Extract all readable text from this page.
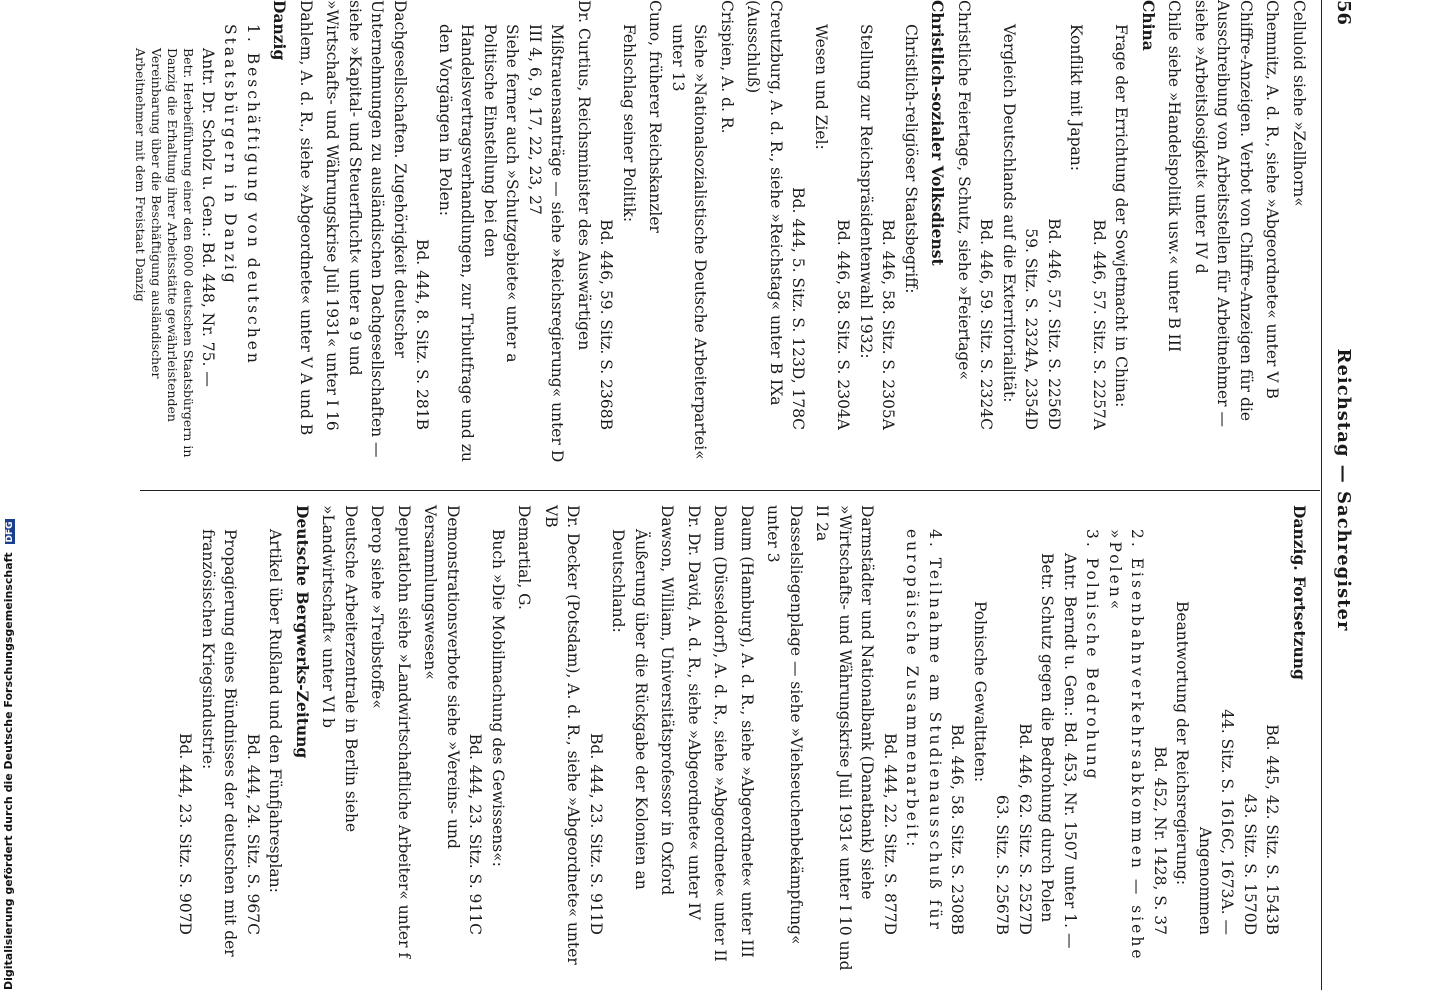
56
Reichstag — Sachregister
Celluloid siehe »Zellhorn«
Chemnitz, A. d. R., siehe »Abgeordnete« unter V B
Chiffre-Anzeigen. Verbot von Chiffre-Anzeigen für die Ausschreibung von Arbeitsstellen für Arbeitnehmer — siehe »Arbeitslosigkeit« unter IV d
Chile siehe »Handelspolitik usw.« unter B III
China
Frage der Errichtung der Sowjetmacht in China:
Bd. 446, 57. Sitz. S. 2257A
Konflikt mit Japan:
Bd. 446, 57. Sitz. S. 2256D
59. Sitz. S. 2324A, 2354D
Vergleich Deutschlands auf die Exterritorialität:
Bd. 446, 59. Sitz. S. 2324C
Christliche Feiertage, Schutz, siehe »Feiertage«
Christlich-sozialer Volksdienst
Christlich-religiöser Staatsbegriff:
Bd. 446, 58. Sitz. S. 2305A
Stellung zur Reichspräsidentenwahl 1932:
Bd. 446, 58. Sitz. S. 2304A
Wesen und Ziel:
Bd. 444, 5. Sitz. S. 123D, 178C
Creutzburg, A. d. R., siehe »Reichstag« unter B IXa (Ausschluß)
Crispien, A. d. R.
Siehe »Nationalsozialistische Deutsche Arbeiterpartei« unter 13
Cuno, früherer Reichskanzler
Fehlschlag seiner Politik:
Bd. 446, 59. Sitz. S. 2368B
Dr. Curtius, Reichsminister des Auswärtigen
Mißtrauensanträge — siehe »Reichsregierung« unter D III 4, 6, 9, 17, 22, 23, 27
Siehe ferner auch »Schutzgebiete« unter a
Politische Einstellung bei den Handelsvertragsverhandlungen, zur Tributfrage und zu den Vorgängen in Polen:
Bd. 444, 8. Sitz. S. 281B
Dachgesellschaften. Zugehörigkeit deutscher Unternehmungen zu ausländischen Dachgesellschaften — siehe »Kapital- und Steuerflucht« unter a 9 und »Wirtschafts- und Währungskrise Juli 1931« unter I 16
Dahlem, A. d. R., siehe »Abgeordnete« unter V A und B
Danzig
1. Beschäftigung von deutschen Staatsbürgern in Danzig
Antr. Dr. Scholz u. Gen.: Bd. 448, Nr. 75. —
Betr. Herbeiführung einer den 6000 deutschen Staatsbürgern in Danzig die Erhaltung ihrer Arbeitsstätte gewährleistenden Vereinbarung über die Beschäftigung ausländischer Arbeitnehmer mit dem Freistaat Danzig
Danzig. Fortsetzung
Bd. 445, 42. Sitz. S. 1543B
43. Sitz. S. 1570D
44. Sitz. S. 1616C, 1673A. —
Angenommen
Beantwortung der Reichsregierung:
Bd. 452, Nr. 1428, S. 37
2. Eisenbahnverkehrsabkommen — siehe »Polen«
3. Polnische Bedrohung
Antr. Berndt u. Gen.: Bd. 453, Nr. 1507 unter 1. — Betr. Schutz gegen die Bedrohung durch Polen
Bd. 446, 62. Sitz. S. 2527D
63. Sitz. S. 2567B
Polnische Gewalttaten:
Bd. 446, 58. Sitz. S. 2308B
4. Teilnahme am Studienausschuß für europäische Zusammenarbeit:
Bd. 444, 22. Sitz. S. 877D
Darmstädter und Nationalbank (Danatbank) siehe »Wirtschafts- und Währungskrise Juli 1931« unter I 10 und II 2a
Dasselsliegenplage — siehe »Viehseuchenbekämpfung« unter 3
Daum (Hamburg), A. d. R., siehe »Abgeordnete« unter III
Daum (Düsseldorf), A. d. R., siehe »Abgeordnete« unter II
Dr. Dr. David, A. d. R., siehe »Abgeordnete« unter IV
Dawson, William, Universitätsprofessor in Oxford
Äußerung über die Rückgabe der Kolonien an Deutschland:
Bd. 444, 23. Sitz. S. 911D
Dr. Decker (Potsdam), A. d. R., siehe »Abgeordnete« unter VB
Demartial, G.
Buch »Die Mobilmachung des Gewissens«:
Bd. 444, 23. Sitz. S. 911C
Demonstrationsverbote siehe »Vereins- und Versammlungswesen«
Deputatlohn siehe »Landwirtschaftliche Arbeiter« unter f
Derop siehe »Treibstoffe«
Deutsche Arbeiterzentrale in Berlin siehe »Landwirtschaft« unter VI b
Deutsche Bergwerks-Zeitung
Artikel über Rußland und den Fünfjahresplan:
Bd. 444, 24. Sitz. S. 967C
Propagierung eines Bündnisses der deutschen mit der französischen Kriegsindustrie:
Bd. 444, 23. Sitz. S. 907D
Digitalisierung gefördert durch die Deutsche Forschungsgemeinschaft DFG
